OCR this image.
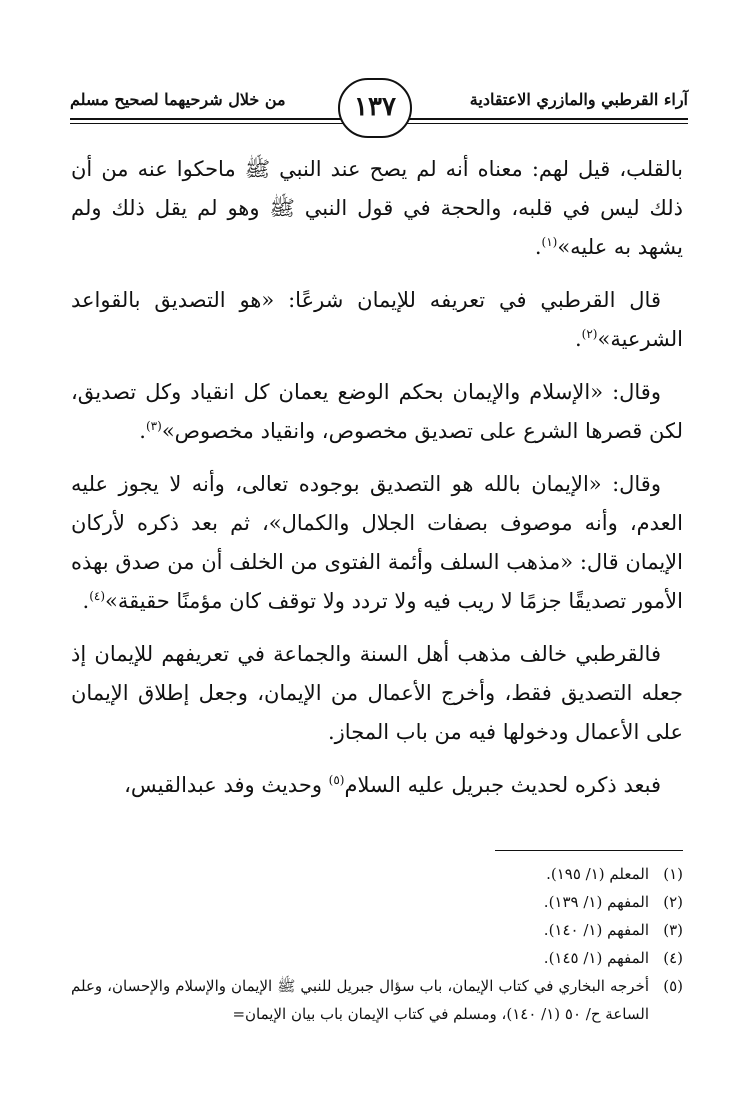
آراء القرطبي والمازري الاعتقادية
١٣٧
من خلال شرحيهما لصحيح مسلم

بالقلب، قيل لهم: معناه أنه لم يصح عند النبي ﷺ ماحكوا عنه من أن ذلك ليس في قلبه، والحجة في قول النبي ﷺ وهو لم يقل ذلك ولم يشهد به عليه»$^{(١)}$.

قال القرطبي في تعريفه للإيمان شرعًا: «هو التصديق بالقواعد الشرعية»$^{(٢)}$.

وقال: «الإسلام والإيمان بحكم الوضع يعمان كل انقياد وكل تصديق، لكن قصرها الشرع على تصديق مخصوص، وانقياد مخصوص»$^{(٣)}$.

وقال: «الإيمان بالله هو التصديق بوجوده تعالى، وأنه لا يجوز عليه العدم، وأنه موصوف بصفات الجلال والكمال»، ثم بعد ذكره لأركان الإيمان قال: «مذهب السلف وأئمة الفتوى من الخلف أن من صدق بهذه الأمور تصديقًا جزمًا لا ريب فيه ولا تردد ولا توقف كان مؤمنًا حقيقة»$^{(٤)}$.

فالقرطبي خالف مذهب أهل السنة والجماعة في تعريفهم للإيمان إذ جعله التصديق فقط، وأخرج الأعمال من الإيمان، وجعل إطلاق الإيمان على الأعمال ودخولها فيه من باب المجاز.

فبعد ذكره لحديث جبريل عليه السلام$^{(٥)}$ وحديث وفد عبدالقيس،

(١)
المعلم (١/ ١٩٥).
(٢)
المفهم (١/ ١٣٩).
(٣)
المفهم (١/ ١٤٠).
(٤)
المفهم (١/ ١٤٥).
(٥)
أخرجه البخاري في كتاب الإيمان، باب سؤال جبريل للنبي ﷺ الإيمان والإسلام والإحسان، وعلم الساعة ح/ ٥٠ (١/ ١٤٠)، ومسلم في كتاب الإيمان باب بيان الإيمان=
